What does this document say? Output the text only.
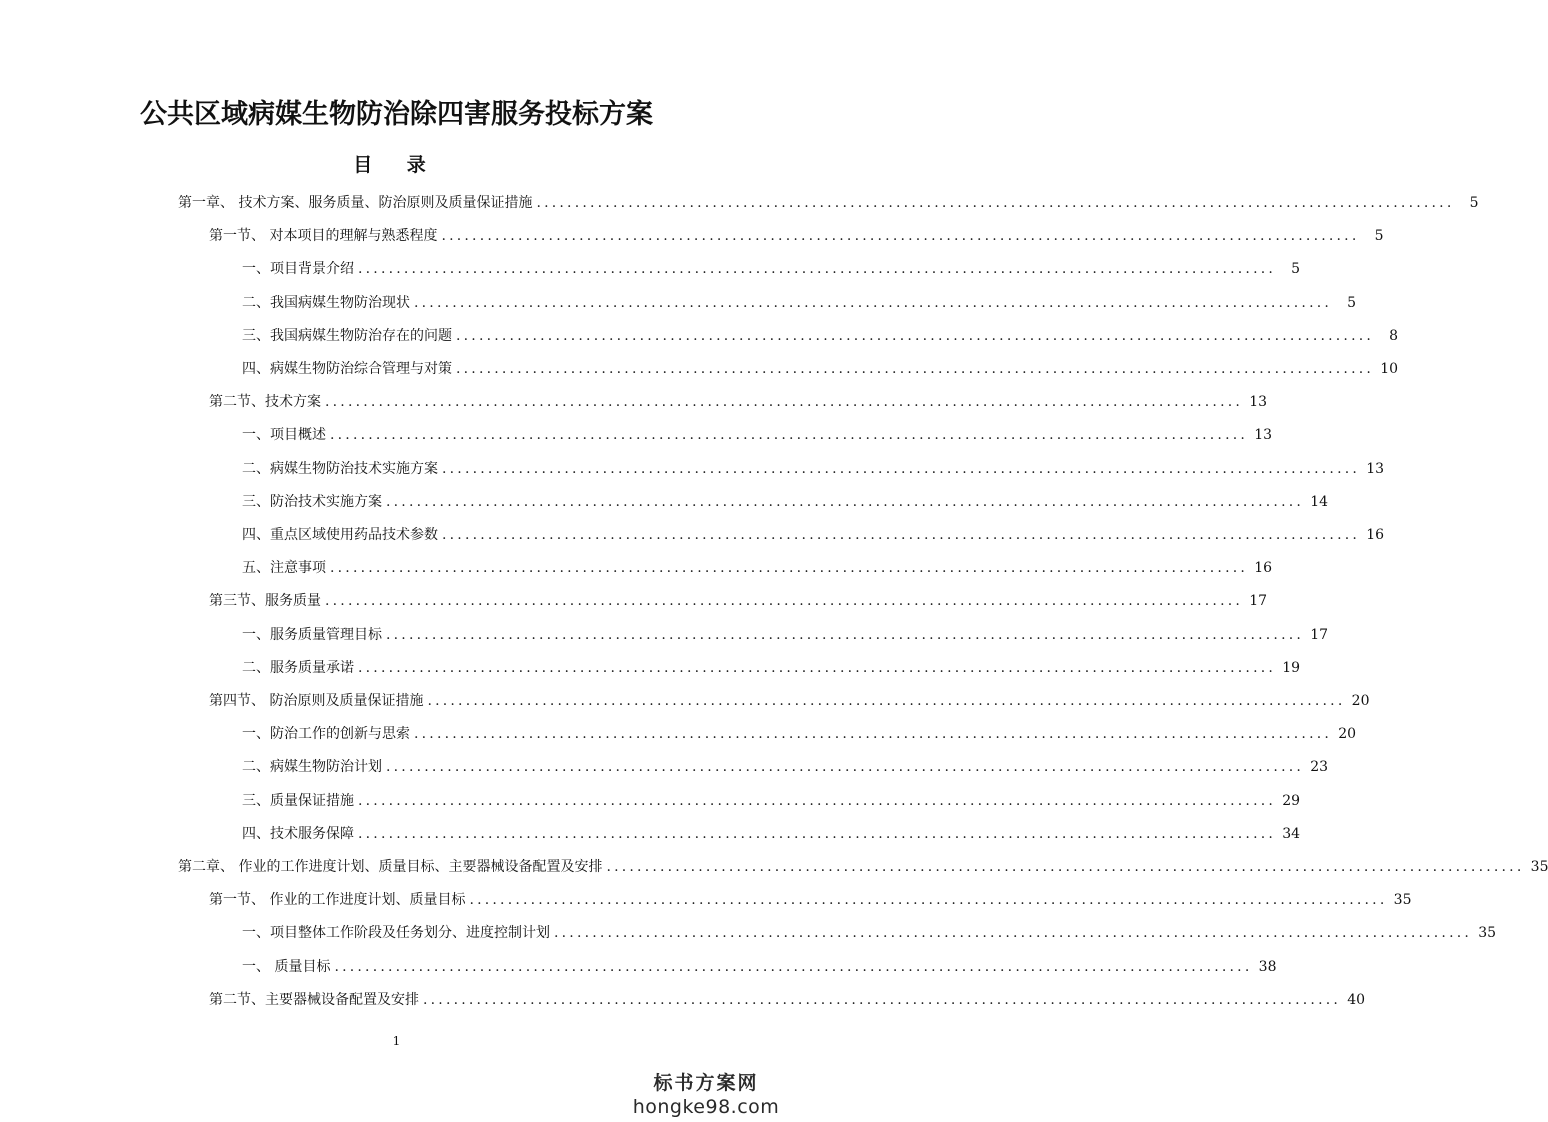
公共区域病媒生物防治除四害服务投标方案
目 录
第一章、 技术方案、服务质量、防治原则及质量保证措施 ........................................................................................................................	5
第一节、 对本项目的理解与熟悉程度 ........................................................................................................................	5
一、项目背景介绍 ........................................................................................................................	5
二、我国病媒生物防治现状 ........................................................................................................................	5
三、我国病媒生物防治存在的问题 ........................................................................................................................	8
四、病媒生物防治综合管理与对策 ........................................................................................................................ 10
第二节、技术方案 ........................................................................................................................ 13
一、项目概述 ........................................................................................................................ 13
二、病媒生物防治技术实施方案 ........................................................................................................................ 13
三、防治技术实施方案 ........................................................................................................................ 14
四、重点区域使用药品技术参数 ........................................................................................................................ 16
五、注意事项 ........................................................................................................................ 16
第三节、服务质量 ........................................................................................................................ 17
一、服务质量管理目标 ........................................................................................................................ 17
二、服务质量承诺 ........................................................................................................................ 19
第四节、 防治原则及质量保证措施 ........................................................................................................................ 20
一、防治工作的创新与思索 ........................................................................................................................ 20
二、病媒生物防治计划 ........................................................................................................................ 23
三、质量保证措施 ........................................................................................................................ 29
四、技术服务保障 ........................................................................................................................ 34
第二章、 作业的工作进度计划、质量目标、主要器械设备配置及安排 ........................................................................................................................ 35
第一节、 作业的工作进度计划、质量目标 ........................................................................................................................ 35
一、项目整体工作阶段及任务划分、进度控制计划 ........................................................................................................................ 35
一、 质量目标 ........................................................................................................................ 38
第二节、主要器械设备配置及安排 ........................................................................................................................ 40
1
标书方案网
hongke98.com
